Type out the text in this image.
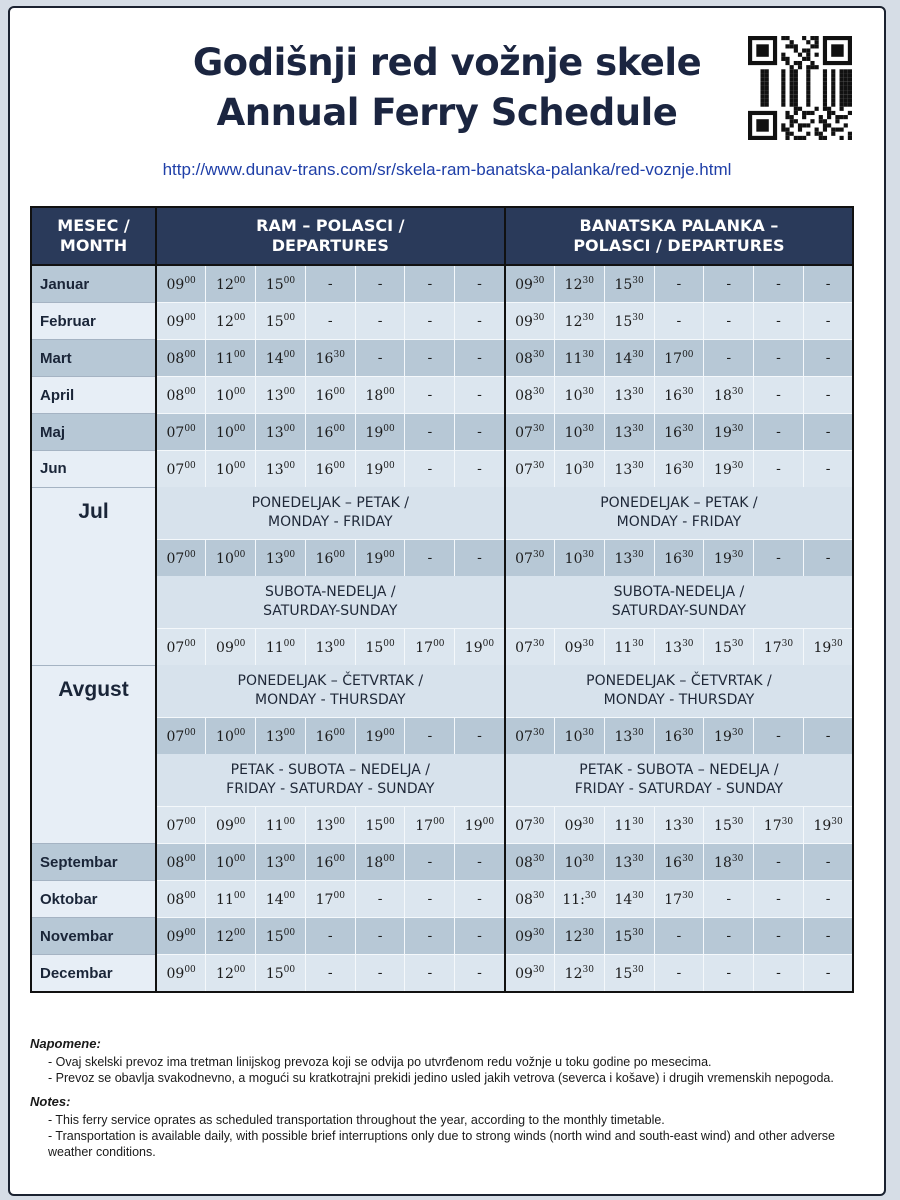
Godišnji red vožnje skele
Annual Ferry Schedule
http://www.dunav-trans.com/sr/skela-ram-banatska-palanka/red-voznje.html
MESEC /
MONTH	RAM – POLASCI /
DEPARTURES							BANATSKA PALANKA –
POLASCI / DEPARTURES						
Januar	$09^{00}$	$12^{00}$	$15^{00}$	-	-	-	-	$09^{30}$	$12^{30}$	$15^{30}$	-	-	-	-
Februar	$09^{00}$	$12^{00}$	$15^{00}$	-	-	-	-	$09^{30}$	$12^{30}$	$15^{30}$	-	-	-	-
Mart	$08^{00}$	$11^{00}$	$14^{00}$	$16^{30}$	-	-	-	$08^{30}$	$11^{30}$	$14^{30}$	$17^{00}$	-	-	-
April	$08^{00}$	$10^{00}$	$13^{00}$	$16^{00}$	$18^{00}$	-	-	$08^{30}$	$10^{30}$	$13^{30}$	$16^{30}$	$18^{30}$	-	-
Maj	$07^{00}$	$10^{00}$	$13^{00}$	$16^{00}$	$19^{00}$	-	-	$07^{30}$	$10^{30}$	$13^{30}$	$16^{30}$	$19^{30}$	-	-
Jun	$07^{00}$	$10^{00}$	$13^{00}$	$16^{00}$	$19^{00}$	-	-	$07^{30}$	$10^{30}$	$13^{30}$	$16^{30}$	$19^{30}$	-	-
Jul	PONEDELJAK – PETAK /
MONDAY - FRIDAY							PONEDELJAK – PETAK /
MONDAY - FRIDAY						
	$07^{00}$	$10^{00}$	$13^{00}$	$16^{00}$	$19^{00}$	-	-	$07^{30}$	$10^{30}$	$13^{30}$	$16^{30}$	$19^{30}$	-	-
	SUBOTA-NEDELJA /
SATURDAY-SUNDAY							SUBOTA-NEDELJA /
SATURDAY-SUNDAY						
	$07^{00}$	$09^{00}$	$11^{00}$	$13^{00}$	$15^{00}$	$17^{00}$	$19^{00}$	$07^{30}$	$09^{30}$	$11^{30}$	$13^{30}$	$15^{30}$	$17^{30}$	$19^{30}$
Avgust	PONEDELJAK – ČETVRTAK /
MONDAY - THURSDAY							PONEDELJAK – ČETVRTAK /
MONDAY - THURSDAY						
	$07^{00}$	$10^{00}$	$13^{00}$	$16^{00}$	$19^{00}$	-	-	$07^{30}$	$10^{30}$	$13^{30}$	$16^{30}$	$19^{30}$	-	-
	PETAK - SUBOTA – NEDELJA /
FRIDAY - SATURDAY - SUNDAY							PETAK - SUBOTA – NEDELJA /
FRIDAY - SATURDAY - SUNDAY						
	$07^{00}$	$09^{00}$	$11^{00}$	$13^{00}$	$15^{00}$	$17^{00}$	$19^{00}$	$07^{30}$	$09^{30}$	$11^{30}$	$13^{30}$	$15^{30}$	$17^{30}$	$19^{30}$
Septembar	$08^{00}$	$10^{00}$	$13^{00}$	$16^{00}$	$18^{00}$	-	-	$08^{30}$	$10^{30}$	$13^{30}$	$16^{30}$	$18^{30}$	-	-
Oktobar	$08^{00}$	$11^{00}$	$14^{00}$	$17^{00}$	-	-	-	$08^{30}$	11:$^{30}$	$14^{30}$	$17^{30}$	-	-	-
Novembar	$09^{00}$	$12^{00}$	$15^{00}$	-	-	-	-	$09^{30}$	$12^{30}$	$15^{30}$	-	-	-	-
Decembar	$09^{00}$	$12^{00}$	$15^{00}$	-	-	-	-	$09^{30}$	$12^{30}$	$15^{30}$	-	-	-	-
Napomene:
- Ovaj skelski prevoz ima tretman linijskog prevoza koji se odvija po utvrđenom redu vožnje u toku godine po mesecima.
- Prevoz se obavlja svakodnevno, a mogući su kratkotrajni prekidi jedino usled jakih vetrova (severca i košave) i drugih vremenskih nepogoda.
Notes:
- This ferry service oprates as scheduled transportation throughout the year, according to the monthly timetable.
- Transportation is available daily, with possible brief interruptions only due to strong winds (north wind and south-east wind) and other adverse weather conditions.
